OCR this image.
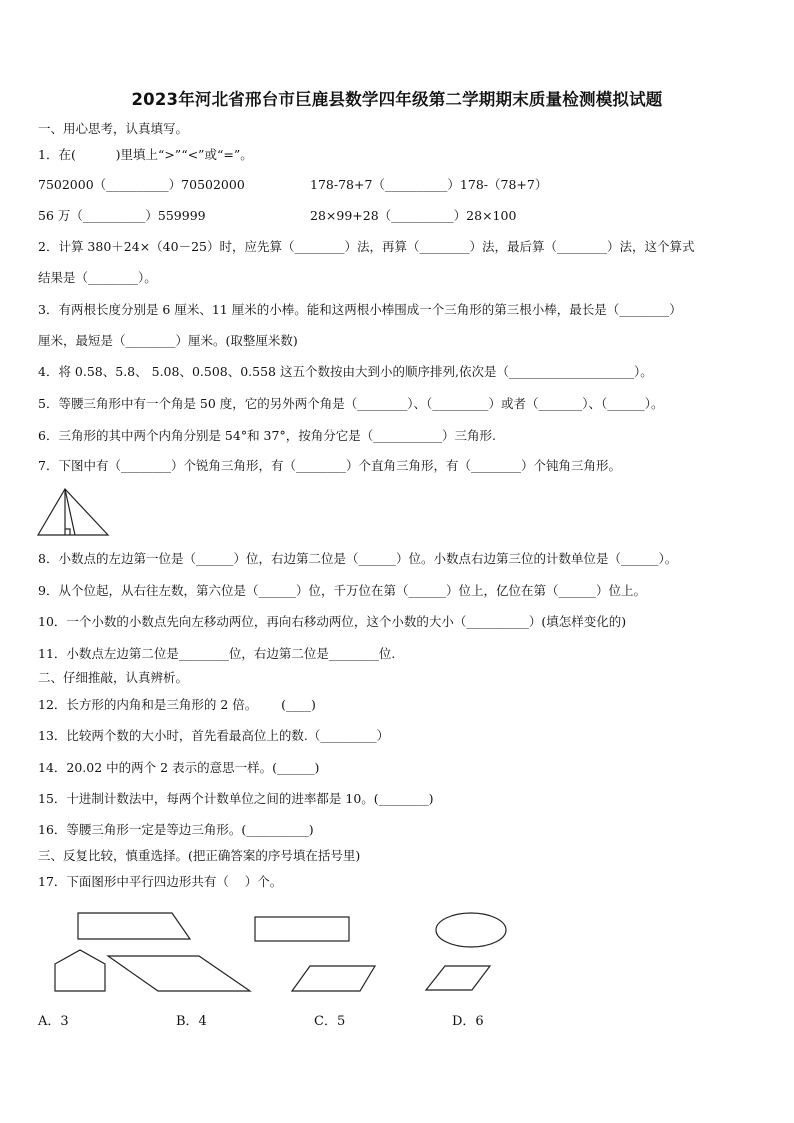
2023年河北省邢台市巨鹿县数学四年级第二学期期末质量检测模拟试题
一、用心思考，认真填写。
1．在(          )里填上“>”“<”或“=”。
7502000（__________）70502000	178-78+7（__________）178-（78+7）
56 万（__________）559999	28×99+28（__________）28×100
2．计算 380＋24×（40－25）时，应先算（________）法，再算（________）法，最后算（________）法，这个算式
结果是（________）。
3．有两根长度分别是 6 厘米、11 厘米的小棒。能和这两根小棒围成一个三角形的第三根小棒，最长是（________）
厘米，最短是（________）厘米。(取整厘米数)
4．将 0.58、5.8、 5.08、0.508、0.558 这五个数按由大到小的顺序排列,依次是（____________________）。
5．等腰三角形中有一个角是 50 度，它的另外两个角是（________）、（_________）或者（_______）、（______）。
6．三角形的其中两个内角分别是 54°和 37°，按角分它是（___________）三角形.
7．下图中有（________）个锐角三角形，有（________）个直角三角形，有（________）个钝角三角形。
8．小数点的左边第一位是（______）位，右边第二位是（______）位。小数点右边第三位的计数单位是（______）。
9．从个位起，从右往左数，第六位是（______）位，千万位在第（______）位上，亿位在第（______）位上。
10．一个小数的小数点先向左移动两位，再向右移动两位，这个小数的大小（__________）(填怎样变化的)
11．小数点左边第二位是________位，右边第二位是________位.
二、仔细推敲，认真辨析。
12．长方形的内角和是三角形的 2 倍。      (____)
13．比较两个数的大小时，首先看最高位上的数.（_________）
14．20.02 中的两个 2 表示的意思一样。(______)
15．十进制计数法中，每两个计数单位之间的进率都是 10。(________)
16．等腰三角形一定是等边三角形。(__________)
三、反复比较，慎重选择。(把正确答案的序号填在括号里)
17．下面图形中平行四边形共有（    ）个。
A．3	B．4	C．5	D．6
